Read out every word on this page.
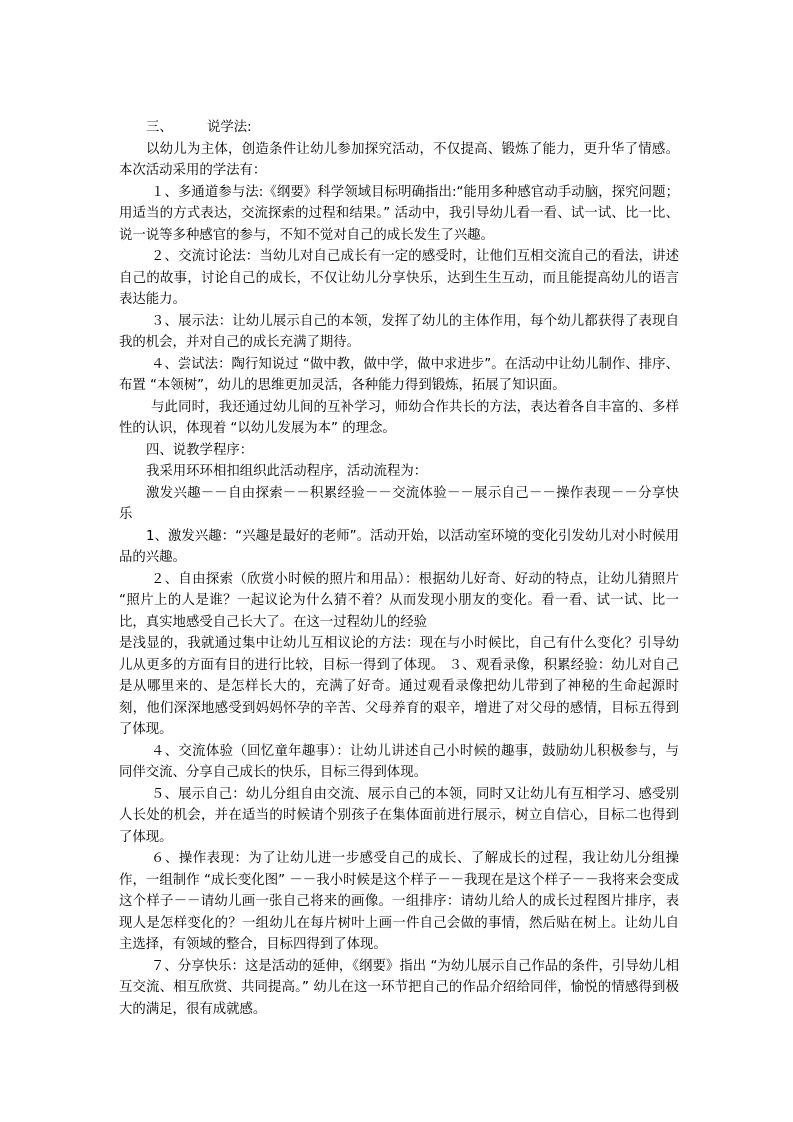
三、	说学法:

以幼儿为主体，创造条件让幼儿参加探究活动，不仅提高、锻炼了能力，更升华了情感。本次活动采用的学法有：

１、多通道参与法:《纲要》科学领域目标明确指出:“能用多种感官动手动脑，探究问题；用适当的方式表达，交流探索的过程和结果。” 活动中，我引导幼儿看一看、试一试、比一比、说一说等多种感官的参与，不知不觉对自己的成长发生了兴趣。

２、交流讨论法：当幼儿对自己成长有一定的感受时，让他们互相交流自己的看法，讲述自己的故事，讨论自己的成长，不仅让幼儿分享快乐，达到生生互动，而且能提高幼儿的语言表达能力。

３、展示法：让幼儿展示自己的本领，发挥了幼儿的主体作用，每个幼儿都获得了表现自我的机会，并对自己的成长充满了期待。

４、尝试法：陶行知说过 “做中教，做中学，做中求进步”。在活动中让幼儿制作、排序、布置 “本领树”，幼儿的思维更加灵活，各种能力得到锻炼，拓展了知识面。

与此同时，我还通过幼儿间的互补学习，师幼合作共长的方法，表达着各自丰富的、多样性的认识，体现着 “以幼儿发展为本” 的理念。

四、说教学程序：

我采用环环相扣组织此活动程序，活动流程为：

激发兴趣－－自由探索－－积累经验－－交流体验－－展示自己－－操作表现－－分享快乐

1、激发兴趣：“兴趣是最好的老师”。活动开始，以活动室环境的变化引发幼儿对小时候用品的兴趣。

２、自由探索（欣赏小时候的照片和用品）：根据幼儿好奇、好动的特点，让幼儿猜照片 “照片上的人是谁？一起议论为什么猜不着？从而发现小朋友的变化。看一看、试一试、比一比，真实地感受自己长大了。在这一过程幼儿的经验

是浅显的，我就通过集中让幼儿互相议论的方法：现在与小时候比，自己有什么变化？引导幼儿从更多的方面有目的进行比较，目标一得到了体现。 ３、观看录像，积累经验：幼儿对自己是从哪里来的、是怎样长大的，充满了好奇。通过观看录像把幼儿带到了神秘的生命起源时刻，他们深深地感受到妈妈怀孕的辛苦、父母养育的艰辛，增进了对父母的感情，目标五得到了体现。

４、交流体验（回忆童年趣事）：让幼儿讲述自己小时候的趣事，鼓励幼儿积极参与，与同伴交流、分享自己成长的快乐，目标三得到体现。

５、展示自己：幼儿分组自由交流、展示自己的本领，同时又让幼儿有互相学习、感受别人长处的机会，并在适当的时候请个别孩子在集体面前进行展示，树立自信心，目标二也得到了体现。

６、操作表现：为了让幼儿进一步感受自己的成长、了解成长的过程，我让幼儿分组操作，一组制作 “成长变化图” －－我小时候是这个样子－－我现在是这个样子－－我将来会变成这个样子－－请幼儿画一张自己将来的画像。一组排序：请幼儿给人的成长过程图片排序，表现人是怎样变化的？一组幼儿在每片树叶上画一件自己会做的事情，然后贴在树上。让幼儿自主选择，有领域的整合，目标四得到了体现。

７、分享快乐：这是活动的延伸，《纲要》指出 “为幼儿展示自己作品的条件，引导幼儿相互交流、相互欣赏、共同提高。” 幼儿在这一环节把自己的作品介绍给同伴，愉悦的情感得到极大的满足，很有成就感。
